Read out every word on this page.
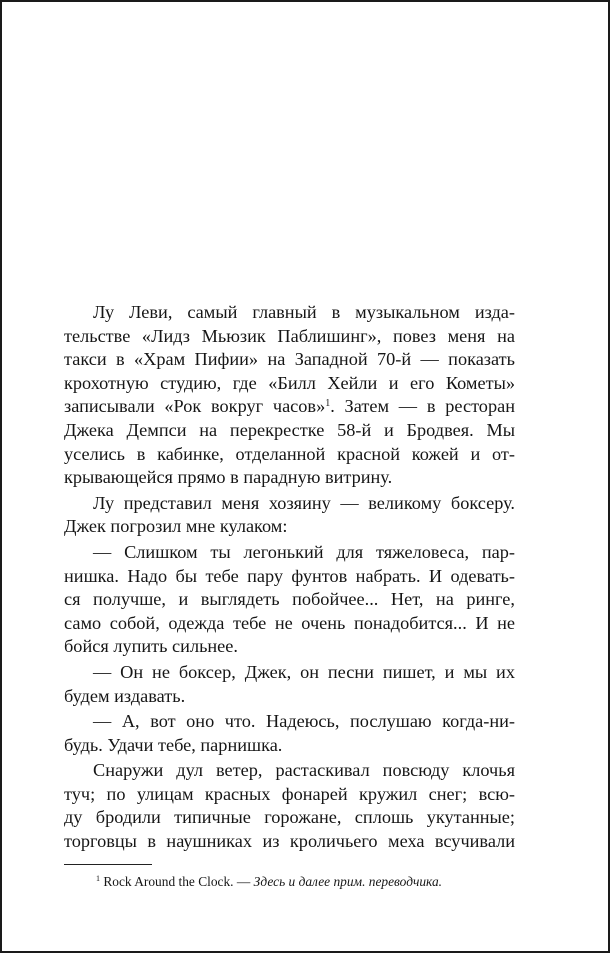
Лу Леви, самый главный в музыкальном изда-
тельстве «Лидз Мьюзик Паблишинг», повез меня на
такси в «Храм Пифии» на Западной 70-й — показать
крохотную студию, где «Билл Хейли и его Кометы»
записывали «Рок вокруг часов»$^1$. Затем — в ресторан
Джека Демпси на перекрестке 58-й и Бродвея. Мы
уселись в кабинке, отделанной красной кожей и от-
крывающейся прямо в парадную витрину.
Лу представил меня хозяину — великому боксеру.
Джек погрозил мне кулаком:
— Слишком ты легонький для тяжеловеса, пар-
нишка. Надо бы тебе пару фунтов набрать. И одевать-
ся получше, и выглядеть побойчее... Нет, на ринге,
само собой, одежда тебе не очень понадобится... И не
бойся лупить сильнее.
— Он не боксер, Джек, он песни пишет, и мы их
будем издавать.
— А, вот оно что. Надеюсь, послушаю когда-ни-
будь. Удачи тебе, парнишка.
Снаружи дул ветер, растаскивал повсюду клочья
туч; по улицам красных фонарей кружил снег; всю-
ду бродили типичные горожане, сплошь укутанные;
торговцы в наушниках из кроличьего меха всучивали
$^1$ Rock Around the Clock. — Здесь и далее прим. переводчика.
